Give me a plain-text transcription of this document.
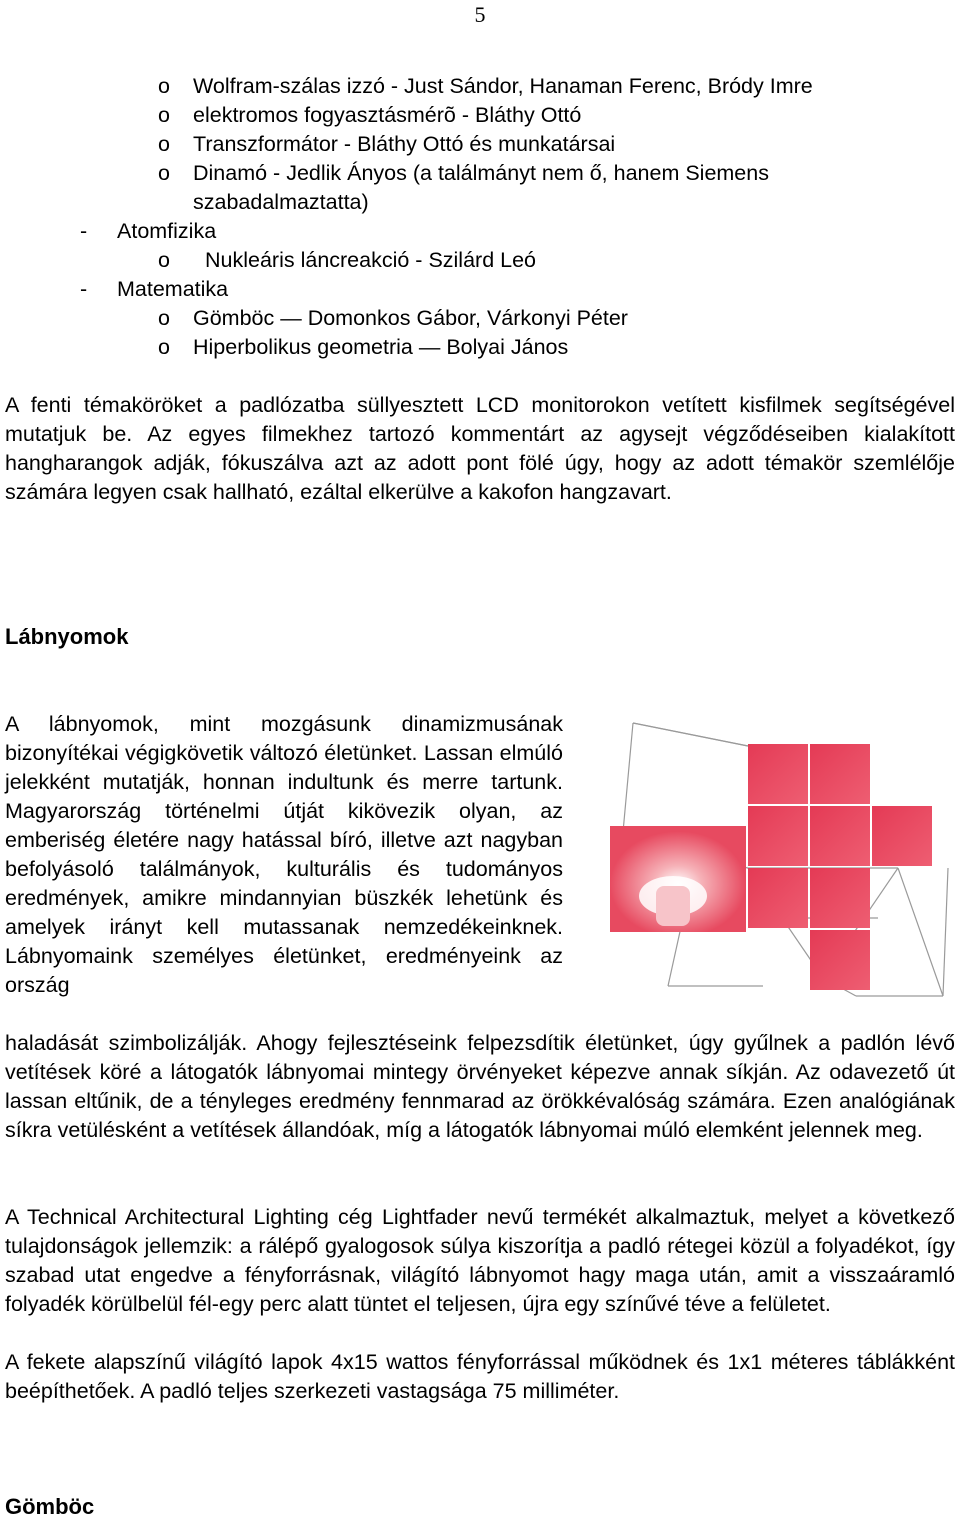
5
o Wolfram-szálas izzó - Just Sándor, Hanaman Ferenc, Bródy Imre
o elektromos fogyasztásmérõ - Bláthy Ottó
o Transzformátor - Bláthy Ottó és munkatársai
o Dinamó - Jedlik Ányos (a találmányt nem ő, hanem Siemens
szabadalmaztatta)
- Atomfizika
o Nukleáris láncreakció - Szilárd Leó
- Matematika
o Gömböc ― Domonkos Gábor, Várkonyi Péter
o Hiperbolikus geometria ― Bolyai János
A fenti témaköröket a padlózatba süllyesztett LCD monitorokon vetített kisfilmek segítségével mutatjuk be. Az egyes filmekhez tartozó kommentárt az agysejt végződéseiben kialakított hangharangok adják, fókuszálva azt az adott pont fölé úgy, hogy az adott témakör szemlélője számára legyen csak hallható, ezáltal elkerülve a kakofon hangzavart.
Lábnyomok
A lábnyomok, mint mozgásunk dinamizmusának bizonyítékai végigkövetik változó életünket. Lassan elmúló jelekként mutatják, honnan indultunk és merre tartunk. Magyarország történelmi útját kikövezik olyan, az emberiség életére nagy hatással bíró, illetve azt nagyban befolyásoló találmányok, kulturális és tudományos eredmények, amikre mindannyian büszkék lehetünk és amelyek irányt kell mutassanak nemzedékeinknek. Lábnyomaink személyes életünket, eredményeink az ország
haladását szimbolizálják. Ahogy fejlesztéseink felpezsdítik életünket, úgy gyűlnek a padlón lévő vetítések köré a látogatók lábnyomai mintegy örvényeket képezve annak síkján. Az odavezető út lassan eltűnik, de a tényleges eredmény fennmarad az örökkévalóság számára. Ezen analógiának síkra vetülésként a vetítések állandóak, míg a látogatók lábnyomai múló elemként jelennek meg.
A Technical Architectural Lighting cég Lightfader nevű termékét alkalmaztuk, melyet a következő tulajdonságok jellemzik: a rálépő gyalogosok súlya kiszorítja a padló rétegei közül a folyadékot, így szabad utat engedve a fényforrásnak, világító lábnyomot hagy maga után, amit a visszaáramló folyadék körülbelül fél-egy perc alatt tüntet el teljesen, újra egy színűvé téve a felületet.
A fekete alapszínű világító lapok 4x15 wattos fényforrással működnek és 1x1 méteres táblákként beépíthetőek. A padló teljes szerkezeti vastagsága 75 milliméter.
Gömböc
